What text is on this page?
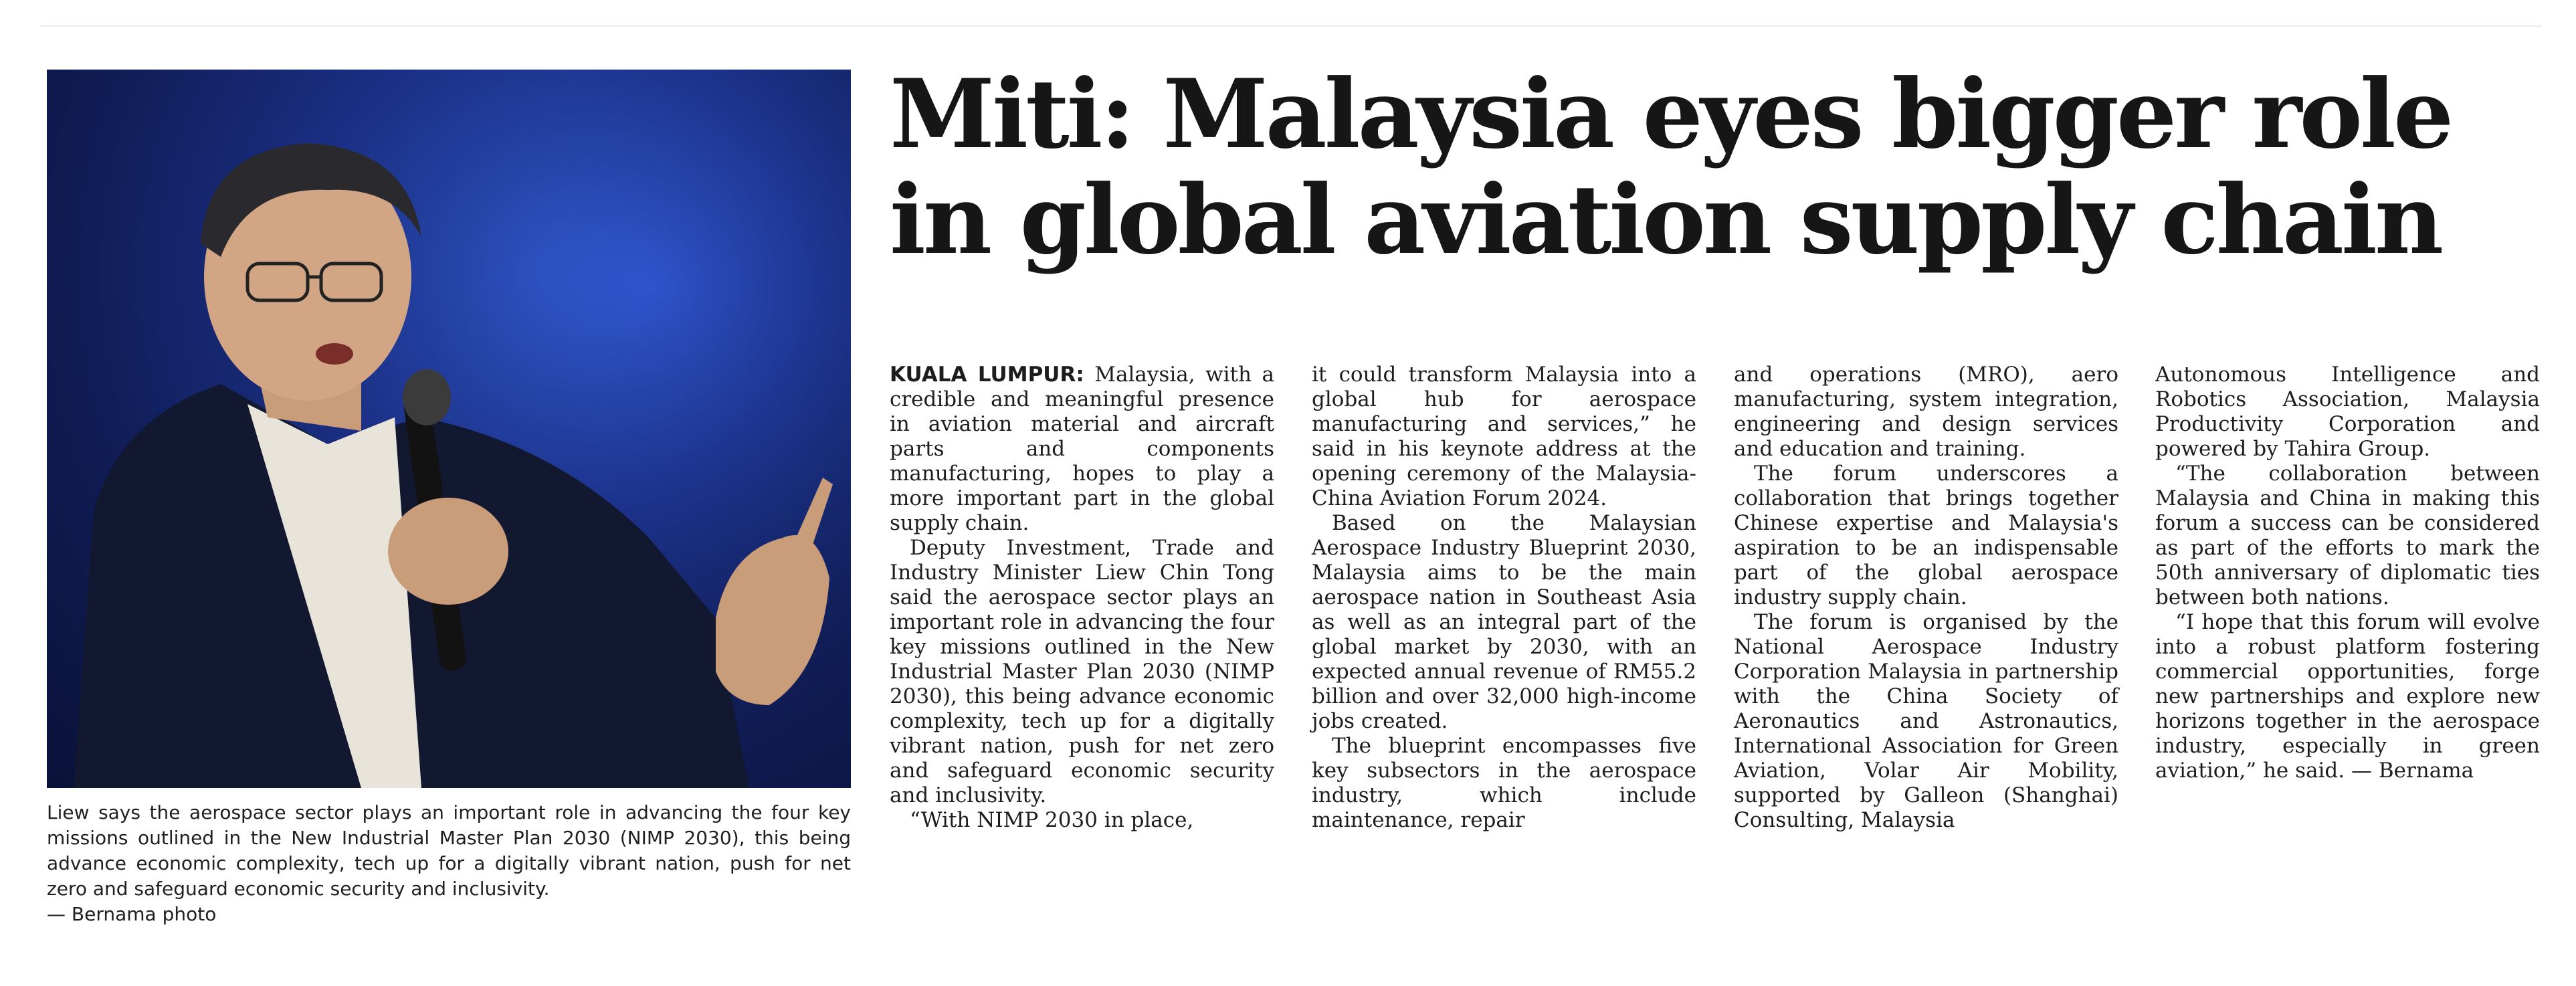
Liew says the aerospace sector plays an important role in advancing the four key missions outlined in the New Industrial Master Plan 2030 (NIMP 2030), this being advance economic complexity, tech up for a digitally vibrant nation, push for net zero and safeguard economic security and inclusivity.
— Bernama photo
Miti: Malaysia eyes bigger role
in global aviation supply chain

KUALA LUMPUR: Malaysia, with a credible and meaningful presence in aviation material and aircraft parts and components manufacturing, hopes to play a more important part in the global supply chain.

Deputy Investment, Trade and Industry Minister Liew Chin Tong said the aerospace sector plays an important role in advancing the four key missions outlined in the New Industrial Master Plan 2030 (NIMP 2030), this being advance economic complexity, tech up for a digitally vibrant nation, push for net zero and safeguard economic security and inclusivity.

“With NIMP 2030 in place,

it could transform Malaysia into a global hub for aerospace manufacturing and services,” he said in his keynote address at the opening ceremony of the Malaysia-China Aviation Forum 2024.

Based on the Malaysian Aerospace Industry Blueprint 2030, Malaysia aims to be the main aerospace nation in Southeast Asia as well as an integral part of the global market by 2030, with an expected annual revenue of RM55.2 billion and over 32,000 high-income jobs created.

The blueprint encompasses five key subsectors in the aerospace industry, which include maintenance, repair

and operations (MRO), aero manufacturing, system integration, engineering and design services and education and training.

The forum underscores a collaboration that brings together Chinese expertise and Malaysia's aspiration to be an indispensable part of the global aerospace industry supply chain.

The forum is organised by the National Aerospace Industry Corporation Malaysia in partnership with the China Society of Aeronautics and Astronautics, International Association for Green Aviation, Volar Air Mobility, supported by Galleon (Shanghai) Consulting, Malaysia

Autonomous Intelligence and Robotics Association, Malaysia Productivity Corporation and powered by Tahira Group.

“The collaboration between Malaysia and China in making this forum a success can be considered as part of the efforts to mark the 50th anniversary of diplomatic ties between both nations.

“I hope that this forum will evolve into a robust platform fostering commercial opportunities, forge new partnerships and explore new horizons together in the aerospace industry, especially in green aviation,” he said. — Bernama
